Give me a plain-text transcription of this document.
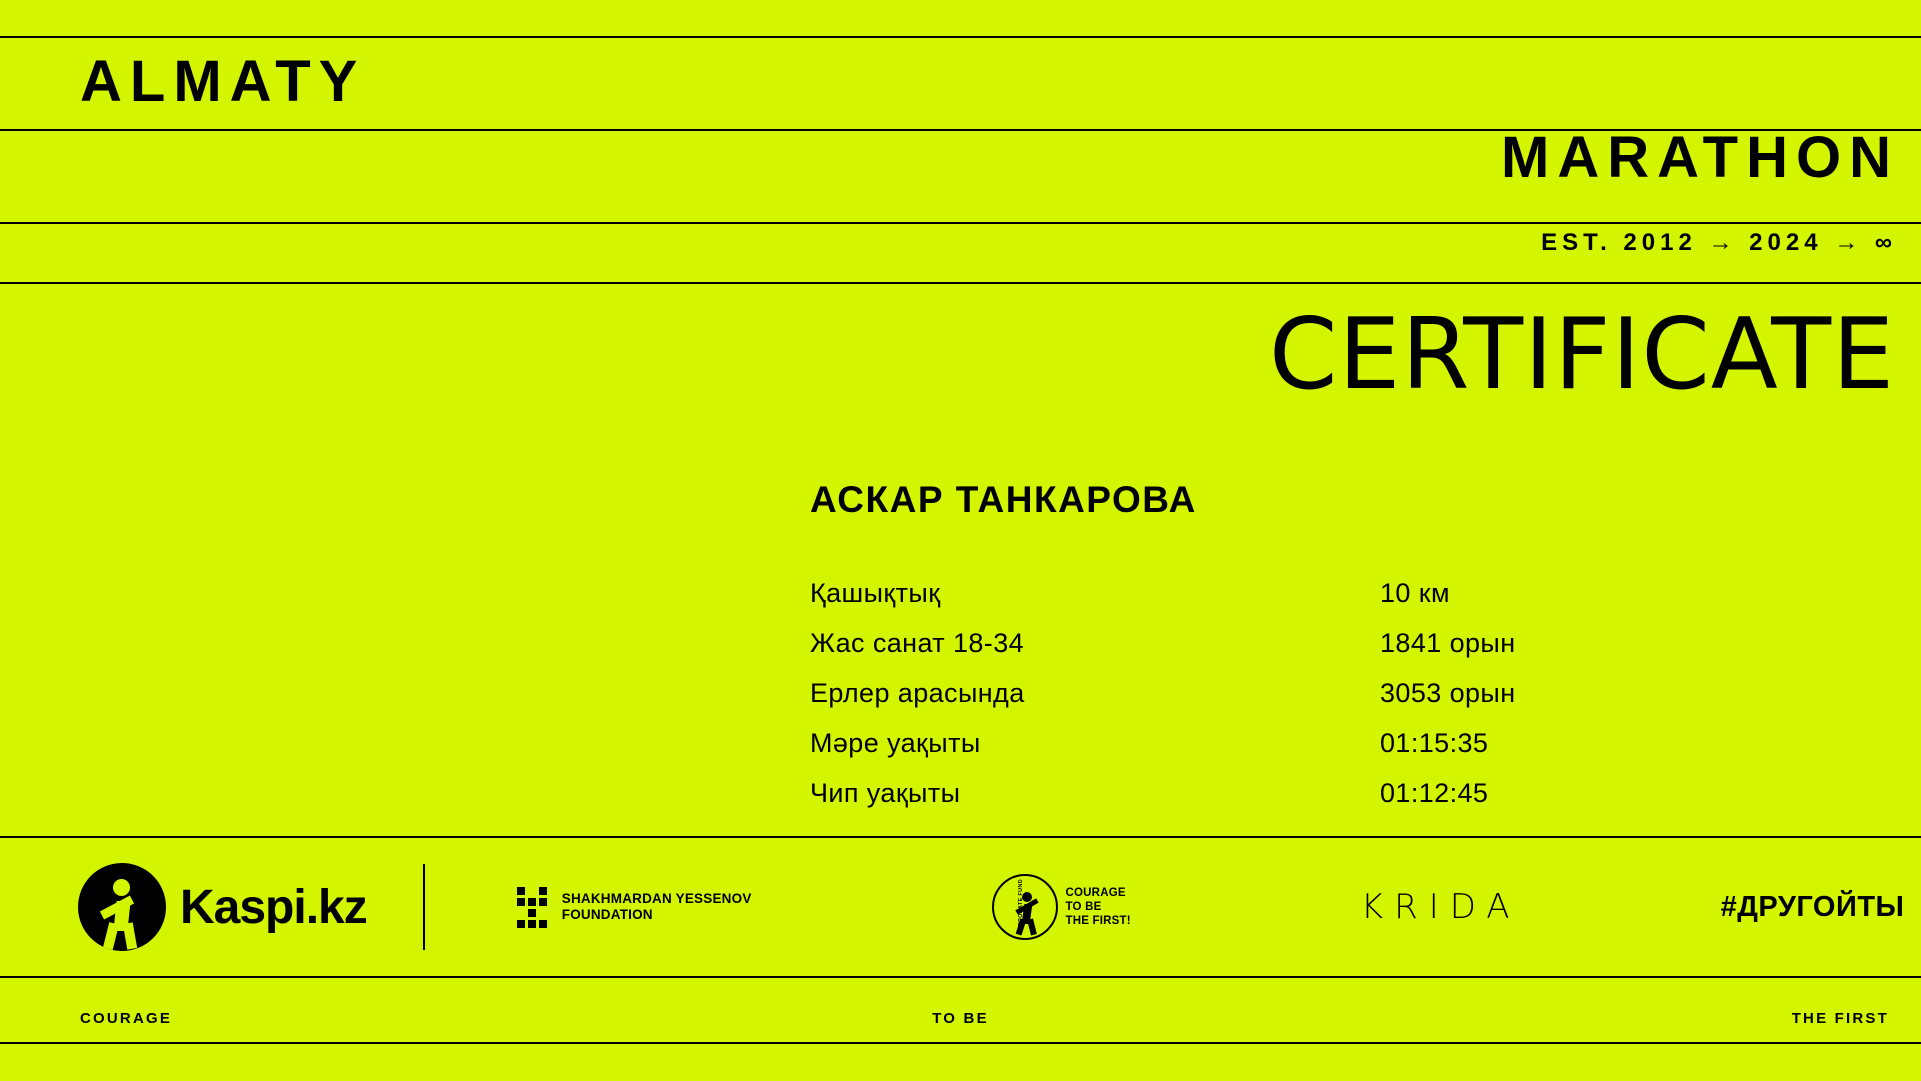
ALMATY
MARATHON
EST. 2012 → 2024 → ∞
CERTIFICATE
АСКАР ТАНКАРОВА
Қашықтық	10 км
Жас санат 18-34	1841 орын
Ерлер арасында	3053 орын
Мәре уақыты	01:15:35
Чип уақыты	01:12:45
Kaspi.kz	SHAKHMARDAN YESSENOV
FOUNDATION
COURAGE
TO BE
THE FIRST!	KRIDA	#ДРУГОЙТЫ
COURAGE	TO BE	THE FIRST
